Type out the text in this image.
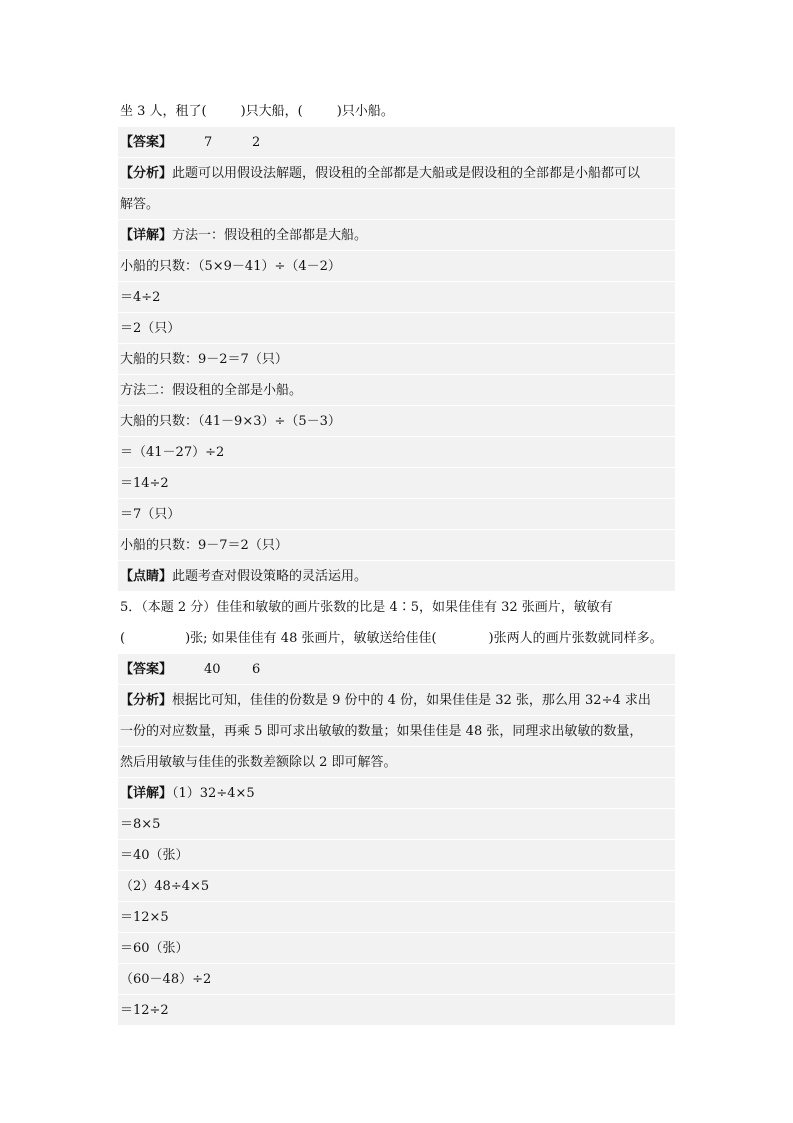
坐 3 人，租了(	)只大船，(	)只小船。
【答案】 7	2
【分析】此题可以用假设法解题，假设租的全部都是大船或是假设租的全部都是小船都可以
解答。
【详解】方法一：假设租的全部都是大船。
小船的只数：（5×9－41）÷（4－2）
＝4÷2
＝2（只）
大船的只数：9－2＝7（只）
方法二：假设租的全部是小船。
大船的只数：（41－9×3）÷（5－3）
＝（41－27）÷2
＝14÷2
＝7（只）
小船的只数：9－7＝2（只）
【点睛】此题考查对假设策略的灵活运用。
5．（本题 2 分）佳佳和敏敏的画片张数的比是 4∶5，如果佳佳有 32 张画片，敏敏有
(	)张; 如果佳佳有 48 张画片，敏敏送给佳佳(	)张两人的画片张数就同样多。
【答案】 40 6
【分析】根据比可知，佳佳的份数是 9 份中的 4 份，如果佳佳是 32 张，那么用 32÷4 求出
一份的对应数量，再乘 5 即可求出敏敏的数量；如果佳佳是 48 张，同理求出敏敏的数量，
然后用敏敏与佳佳的张数差额除以 2 即可解答。
【详解】（1）32÷4×5
＝8×5
＝40（张）
（2）48÷4×5
＝12×5
＝60（张）
（60－48）÷2
＝12÷2
